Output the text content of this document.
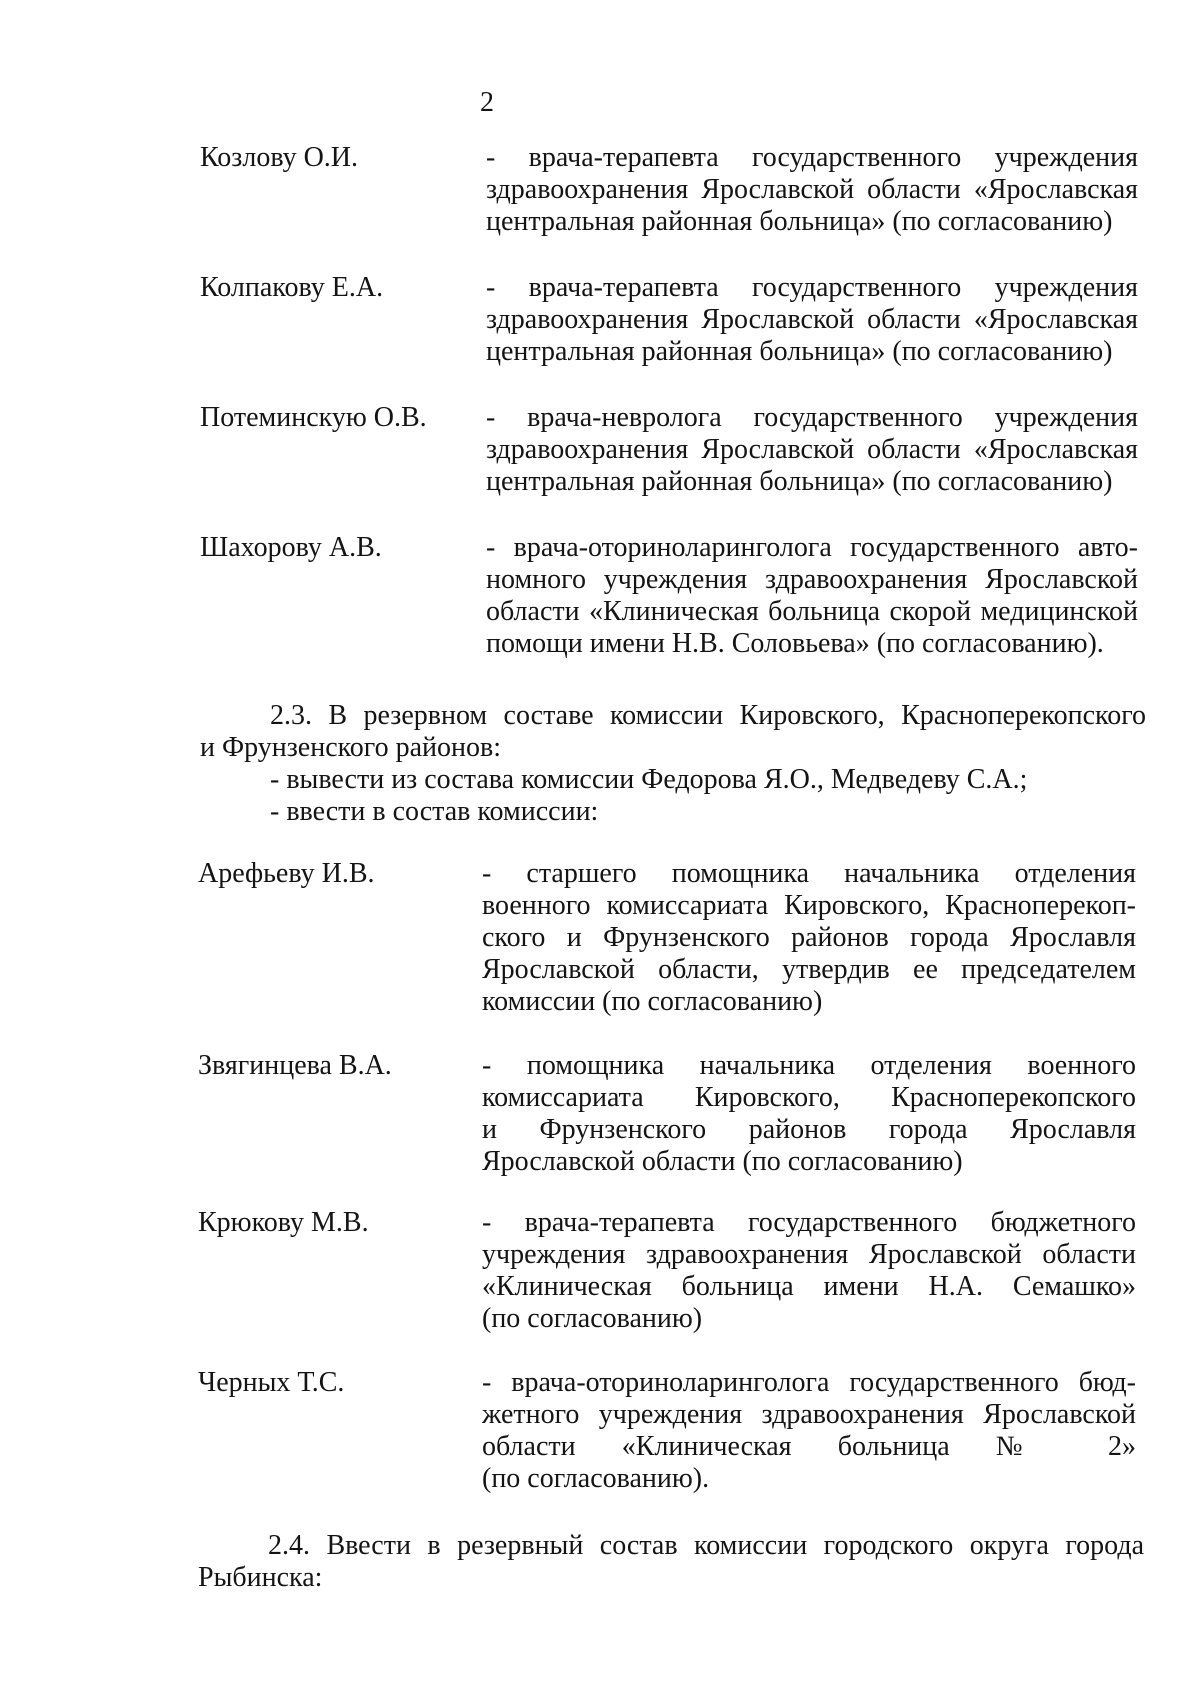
2
Козлову О.И.	- врача-терапевта государственного учреждения
здравоохранения Ярославской области «Ярославская
центральная районная больница» (по согласованию)
Колпакову Е.А.	- врача-терапевта государственного учреждения
здравоохранения Ярославской области «Ярославская
центральная районная больница» (по согласованию)
Потеминскую О.В. - врача-невролога государственного учреждения
здравоохранения Ярославской области «Ярославская
центральная районная больница» (по согласованию)
Шахорову А.В.	- врача-оториноларинголога государственного авто-
номного учреждения здравоохранения Ярославской
области «Клиническая больница скорой медицинской
помощи имени Н.В. Соловьева» (по согласованию).
2.3. В резервном составе комиссии Кировского, Красноперекопского
и Фрунзенского районов:
- вывести из состава комиссии Федорова Я.О., Медведеву С.А.;
- ввести в состав комиссии:
Арефьеву И.В.	- старшего помощника начальника отделения
военного комиссариата Кировского, Красноперекоп-
ского и Фрунзенского районов города Ярославля
Ярославской области, утвердив ее председателем
комиссии (по согласованию)
Звягинцева В.А.	- помощника начальника отделения военного
комиссариата Кировского, Красноперекопского
и Фрунзенского районов города Ярославля
Ярославской области (по согласованию)
Крюкову М.В.	- врача-терапевта государственного бюджетного
учреждения здравоохранения Ярославской области
«Клиническая больница имени Н.А. Семашко»
(по согласованию)
Черных Т.С.	- врача-оториноларинголога государственного бюд-
жетного учреждения здравоохранения Ярославской
области «Клиническая больница № 2»
(по согласованию).
2.4. Ввести в резервный состав комиссии городского округа города
Рыбинска:
